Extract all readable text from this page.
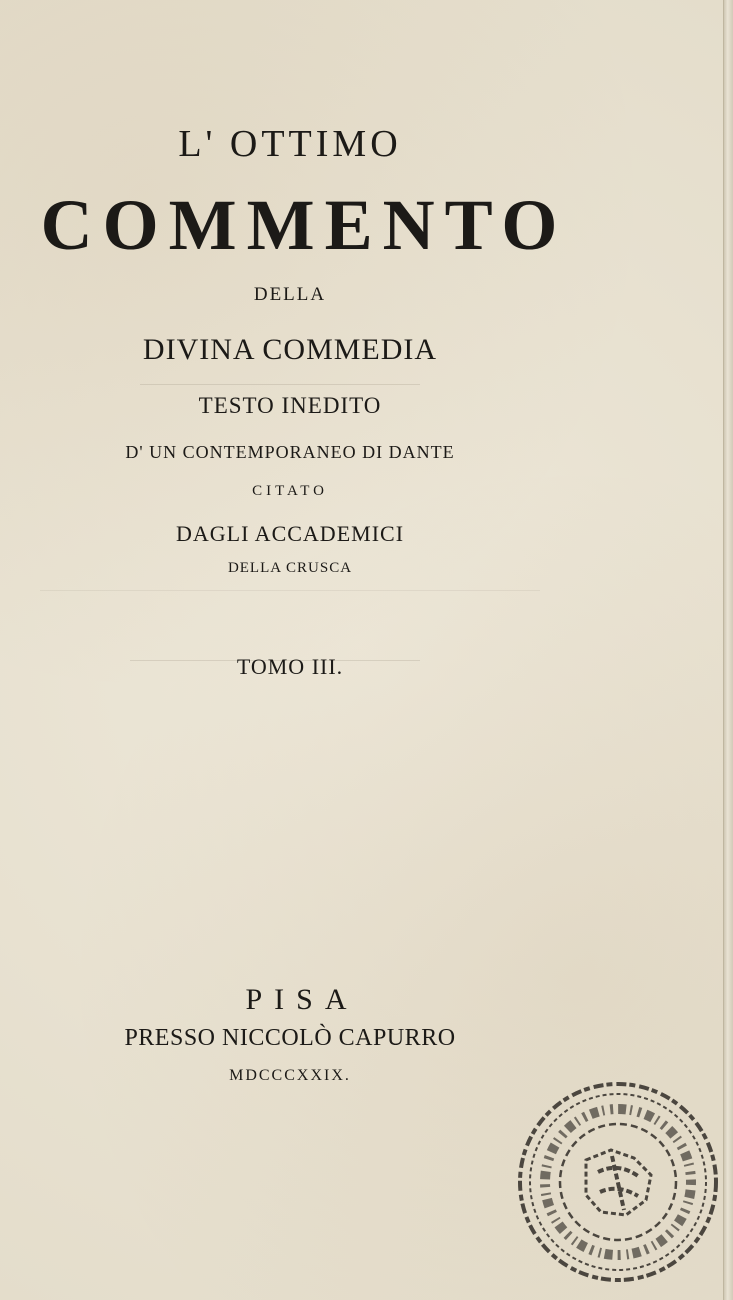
L' OTTIMO
COMMENTO
DELLA
DIVINA COMMEDIA
TESTO INEDITO
D' UN CONTEMPORANEO DI DANTE
CITATO
DAGLI ACCADEMICI
DELLA CRUSCA
TOMO III.
PISA
PRESSO NICCOLÒ CAPURRO
MDCCCXXIX.
